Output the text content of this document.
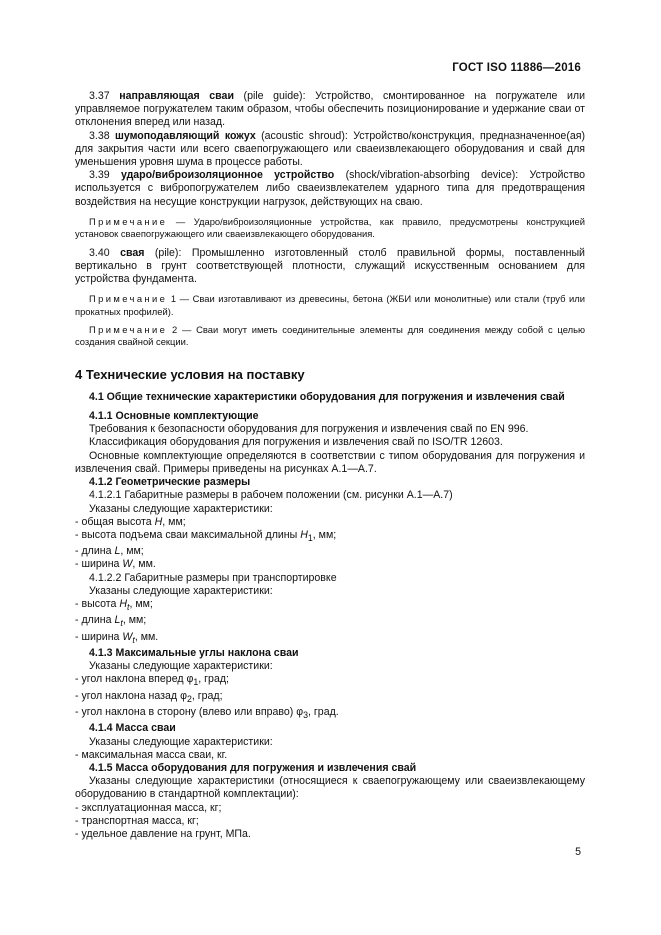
ГОСТ ISO 11886—2016

3.37 направляющая сваи (pile guide): Устройство, смонтированное на погружателе или управляемое погружателем таким образом, чтобы обеспечить позиционирование и удержание сваи от отклонения вперед или назад.

3.38 шумоподавляющий кожух (acoustic shroud): Устройство/конструкция, предназначенное(ая) для закрытия части или всего сваепогружающего или сваеизвлекающего оборудования и свай для уменьшения уровня шума в процессе работы.

3.39 ударо/виброизоляционное устройство (shock/vibration-absorbing device): Устройство используется с вибропогружателем либо сваеизвлекателем ударного типа для предотвращения воздействия на несущие конструкции нагрузок, действующих на сваю.

Примечание — Ударо/виброизоляционные устройства, как правило, предусмотрены конструкцией установок сваепогружающего или сваеизвлекающего оборудования.

3.40 свая (pile): Промышленно изготовленный столб правильной формы, поставленный вертикально в грунт соответствующей плотности, служащий искусственным основанием для устройства фундамента.

Примечание 1 — Сваи изготавливают из древесины, бетона (ЖБИ или монолитные) или стали (труб или прокатных профилей).

Примечание 2 — Сваи могут иметь соединительные элементы для соединения между собой с целью создания свайной секции.

4 Технические условия на поставку

4.1 Общие технические характеристики оборудования для погружения и извлечения свай

4.1.1 Основные комплектующие

Требования к безопасности оборудования для погружения и извлечения свай по EN 996.

Классификация оборудования для погружения и извлечения свай по ISO/TR 12603.

Основные комплектующие определяются в соответствии с типом оборудования для погружения и извлечения свай. Примеры приведены на рисунках А.1—А.7.

4.1.2 Геометрические размеры

4.1.2.1 Габаритные размеры в рабочем положении (см. рисунки А.1—А.7)

Указаны следующие характеристики:

- общая высота H, мм;

- высота подъема сваи максимальной длины $H_1$, мм;

- длина L, мм;

- ширина W, мм.

4.1.2.2 Габаритные размеры при транспортировке

Указаны следующие характеристики:

- высота $H_t$, мм;

- длина $L_t$, мм;

- ширина $W_t$, мм.

4.1.3 Максимальные углы наклона сваи

Указаны следующие характеристики:

- угол наклона вперед $\varphi_1$, град;

- угол наклона назад $\varphi_2$, град;

- угол наклона в сторону (влево или вправо) $\varphi_3$, град.

4.1.4 Масса сваи

Указаны следующие характеристики:

- максимальная масса сваи, кг.

4.1.5 Масса оборудования для погружения и извлечения свай

Указаны следующие характеристики (относящиеся к сваепогружающему или сваеизвлекающему оборудованию в стандартной комплектации):

- эксплуатационная масса, кг;

- транспортная масса, кг;

- удельное давление на грунт, МПа.

5
